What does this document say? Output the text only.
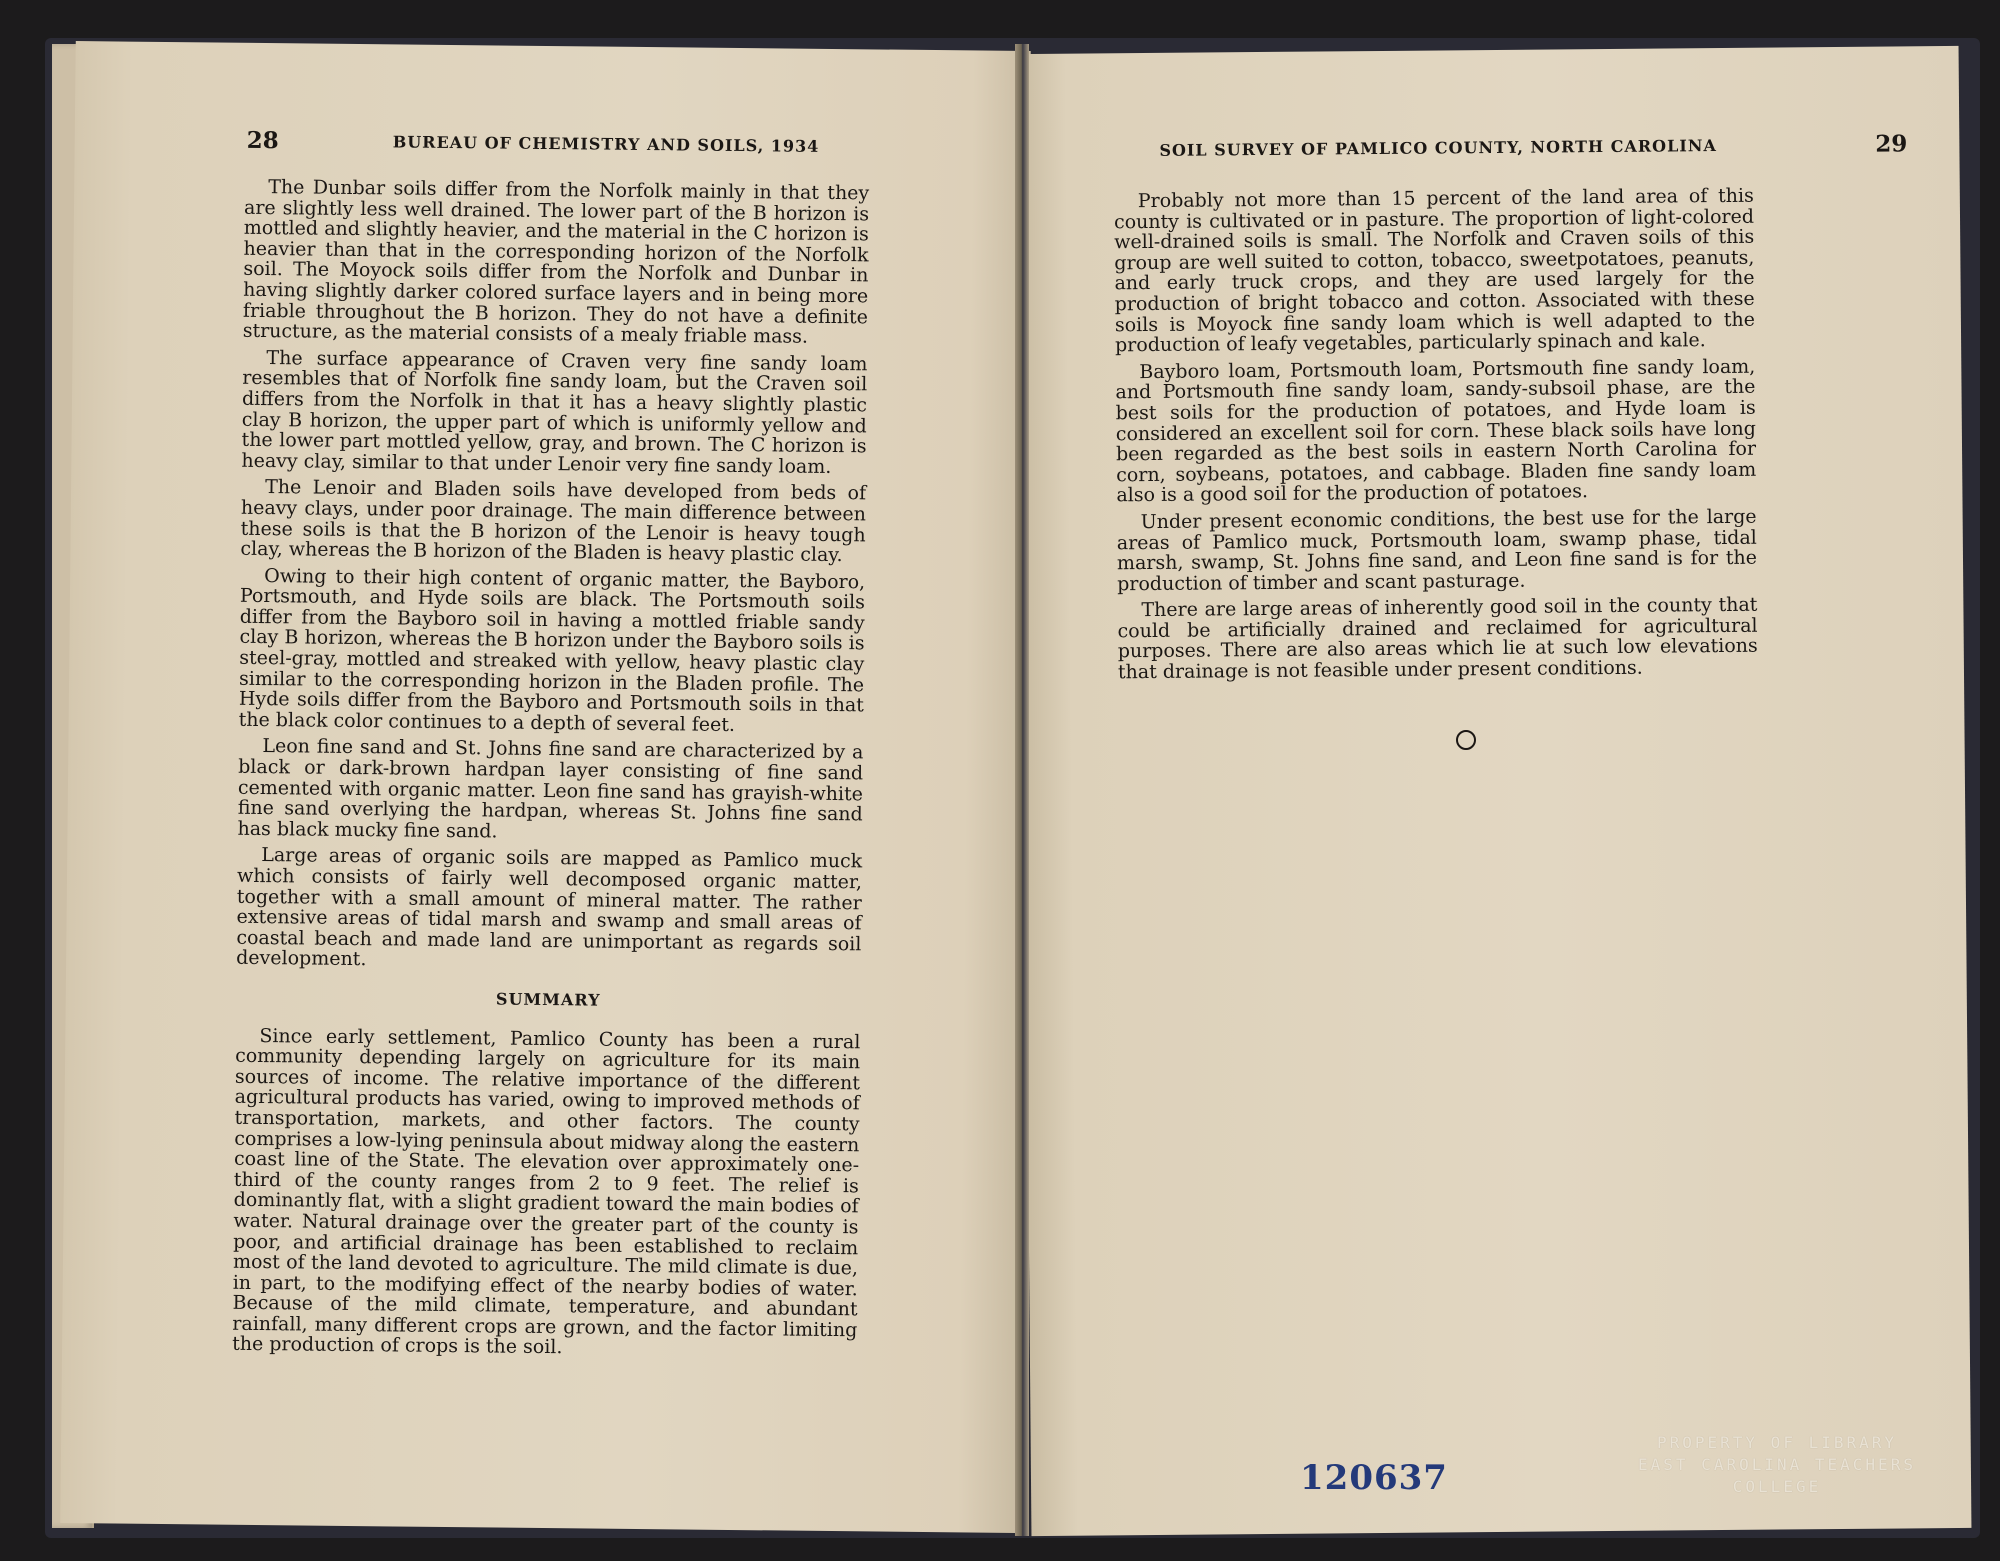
28	BUREAU OF CHEMISTRY AND SOILS, 1934

The Dunbar soils differ from the Norfolk mainly in that they are slightly less well drained. The lower part of the B horizon is mottled and slightly heavier, and the material in the C horizon is heavier than that in the corresponding horizon of the Norfolk soil. The Moyock soils differ from the Norfolk and Dunbar in having slightly darker colored surface layers and in being more friable throughout the B horizon. They do not have a definite structure, as the material consists of a mealy friable mass.

The surface appearance of Craven very fine sandy loam resembles that of Norfolk fine sandy loam, but the Craven soil differs from the Norfolk in that it has a heavy slightly plastic clay B horizon, the upper part of which is uniformly yellow and the lower part mottled yellow, gray, and brown. The C horizon is heavy clay, similar to that under Lenoir very fine sandy loam.

The Lenoir and Bladen soils have developed from beds of heavy clays, under poor drainage. The main difference between these soils is that the B horizon of the Lenoir is heavy tough clay, whereas the B horizon of the Bladen is heavy plastic clay.

Owing to their high content of organic matter, the Bayboro, Portsmouth, and Hyde soils are black. The Portsmouth soils differ from the Bayboro soil in having a mottled friable sandy clay B horizon, whereas the B horizon under the Bayboro soils is steel-gray, mottled and streaked with yellow, heavy plastic clay similar to the corresponding horizon in the Bladen profile. The Hyde soils differ from the Bayboro and Portsmouth soils in that the black color continues to a depth of several feet.

Leon fine sand and St. Johns fine sand are characterized by a black or dark-brown hardpan layer consisting of fine sand cemented with organic matter. Leon fine sand has grayish-white fine sand overlying the hardpan, whereas St. Johns fine sand has black mucky fine sand.

Large areas of organic soils are mapped as Pamlico muck which consists of fairly well decomposed organic matter, together with a small amount of mineral matter. The rather extensive areas of tidal marsh and swamp and small areas of coastal beach and made land are unimportant as regards soil development.

SUMMARY

Since early settlement, Pamlico County has been a rural community depending largely on agriculture for its main sources of income. The relative importance of the different agricultural products has varied, owing to improved methods of transportation, markets, and other factors. The county comprises a low-lying peninsula about midway along the eastern coast line of the State. The elevation over approximately one-third of the county ranges from 2 to 9 feet. The relief is dominantly flat, with a slight gradient toward the main bodies of water. Natural drainage over the greater part of the county is poor, and artificial drainage has been established to reclaim most of the land devoted to agriculture. The mild climate is due, in part, to the modifying effect of the nearby bodies of water. Because of the mild climate, temperature, and abundant rainfall, many different crops are grown, and the factor limiting the production of crops is the soil.

SOIL SURVEY OF PAMLICO COUNTY, NORTH CAROLINA	29

Probably not more than 15 percent of the land area of this county is cultivated or in pasture. The proportion of light-colored well-drained soils is small. The Norfolk and Craven soils of this group are well suited to cotton, tobacco, sweetpotatoes, peanuts, and early truck crops, and they are used largely for the production of bright tobacco and cotton. Associated with these soils is Moyock fine sandy loam which is well adapted to the production of leafy vegetables, particularly spinach and kale.

Bayboro loam, Portsmouth loam, Portsmouth fine sandy loam, and Portsmouth fine sandy loam, sandy-subsoil phase, are the best soils for the production of potatoes, and Hyde loam is considered an excellent soil for corn. These black soils have long been regarded as the best soils in eastern North Carolina for corn, soybeans, potatoes, and cabbage. Bladen fine sandy loam also is a good soil for the production of potatoes.

Under present economic conditions, the best use for the large areas of Pamlico muck, Portsmouth loam, swamp phase, tidal marsh, swamp, St. Johns fine sand, and Leon fine sand is for the production of timber and scant pasturage.

There are large areas of inherently good soil in the county that could be artificially drained and reclaimed for agricultural purposes. There are also areas which lie at such low elevations that drainage is not feasible under present conditions.

120637
PROPERTY OF LIBRARY
EAST CAROLINA TEACHERS COLLEGE
